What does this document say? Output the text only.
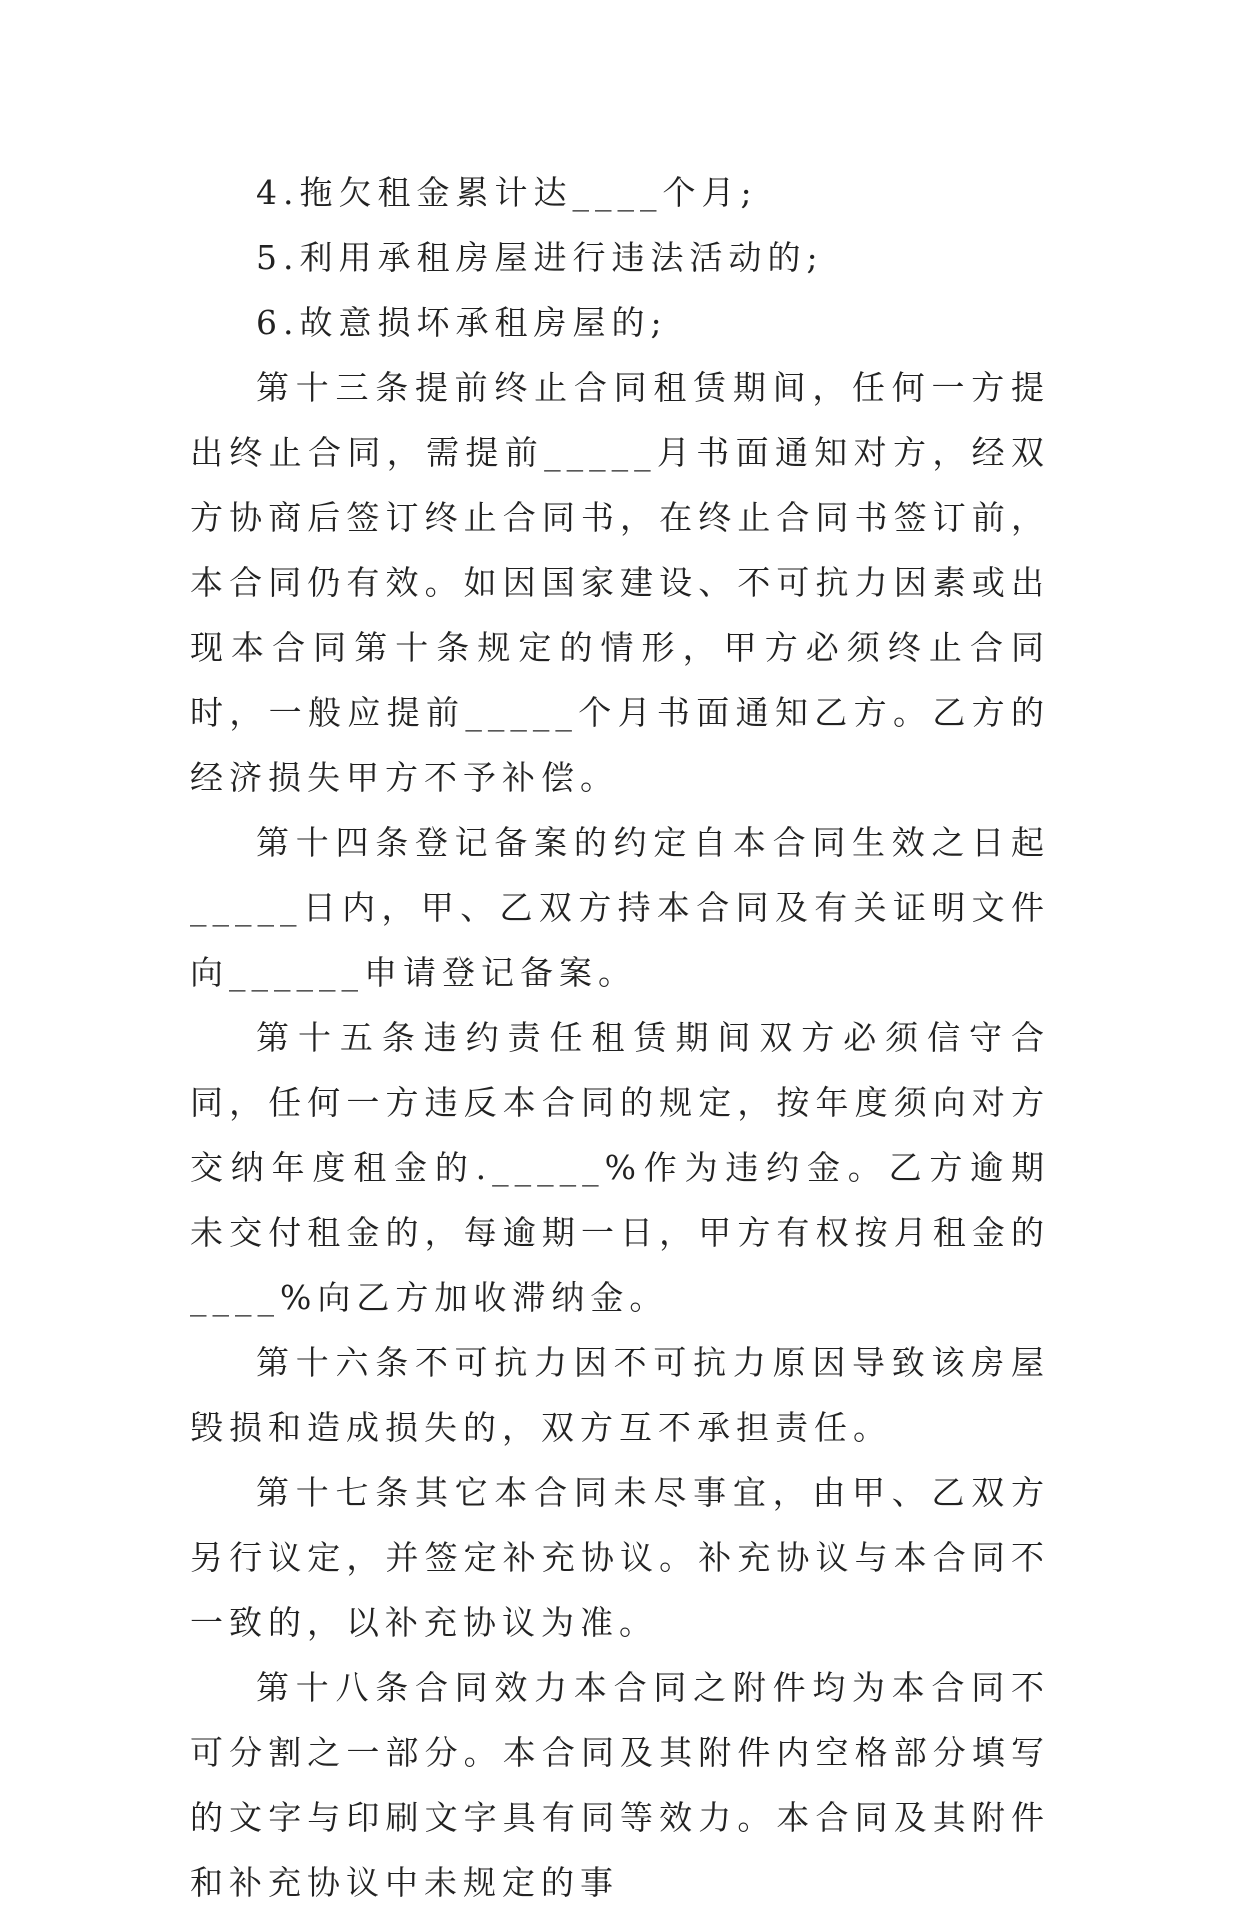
4.拖欠租金累计达____个月;

5.利用承租房屋进行违法活动的;

6.故意损坏承租房屋的;

第十三条提前终止合同租赁期间，任何一方提出终止合同，需提前_____月书面通知对方，经双方协商后签订终止合同书，在终止合同书签订前，本合同仍有效。如因国家建设、不可抗力因素或出现本合同第十条规定的情形，甲方必须终止合同时，一般应提前_____个月书面通知乙方。乙方的经济损失甲方不予补偿。

第十四条登记备案的约定自本合同生效之日起_____日内，甲、乙双方持本合同及有关证明文件向______申请登记备案。

第十五条违约责任租赁期间双方必须信守合同，任何一方违反本合同的规定，按年度须向对方交纳年度租金的._____%作为违约金。乙方逾期未交付租金的，每逾期一日，甲方有权按月租金的____%向乙方加收滞纳金。

第十六条不可抗力因不可抗力原因导致该房屋毁损和造成损失的，双方互不承担责任。

第十七条其它本合同未尽事宜，由甲、乙双方另行议定，并签定补充协议。补充协议与本合同不一致的，以补充协议为准。

第十八条合同效力本合同之附件均为本合同不可分割之一部分。本合同及其附件内空格部分填写的文字与印刷文字具有同等效力。本合同及其附件和补充协议中未规定的事
